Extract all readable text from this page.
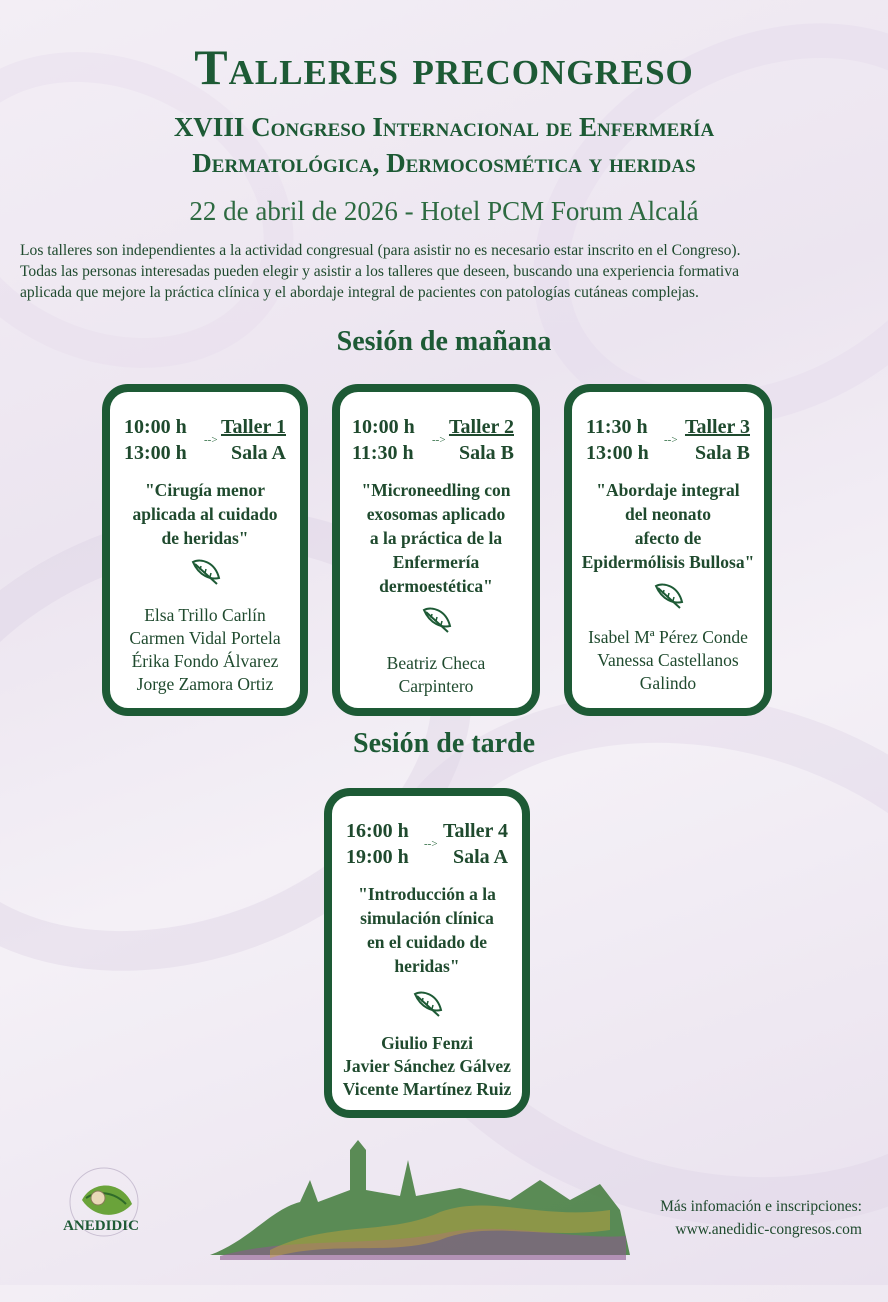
Talleres precongreso
XVIII Congreso Internacional de Enfermería
Dermatológica, Dermocosmética y heridas
22 de abril de 2026 - Hotel PCM Forum Alcalá
Los talleres son independientes a la actividad congresual (para asistir no es necesario estar inscrito en el Congreso).
Todas las personas interesadas pueden elegir y asistir a los talleres que deseen, buscando una experiencia formativa
aplicada que mejore la práctica clínica y el abordaje integral de pacientes con patologías cutáneas complejas.
Sesión de mañana
Sesión de tarde
10:00 h
13:00 h
-->
Taller 1
Sala A
"Cirugía menor
aplicada al cuidado
de heridas"
Elsa Trillo Carlín
Carmen Vidal Portela
Érika Fondo Álvarez
Jorge Zamora Ortiz
10:00 h
11:30 h
-->
Taller 2
Sala B
"Microneedling con
exosomas aplicado
a la práctica de la
Enfermería
dermoestética"
Beatriz Checa
Carpintero
11:30 h
13:00 h
-->
Taller 3
Sala B
"Abordaje integral
del neonato
afecto de
Epidermólisis Bullosa"
Isabel Mª Pérez Conde
Vanessa Castellanos
Galindo
16:00 h
19:00 h
-->
Taller 4
Sala A
"Introducción a la
simulación clínica
en el cuidado de
heridas"
Giulio Fenzi
Javier Sánchez Gálvez
Vicente Martínez Ruiz
ANEDIDIC
Más infomación e inscripciones:
www.anedidic-congresos.com
